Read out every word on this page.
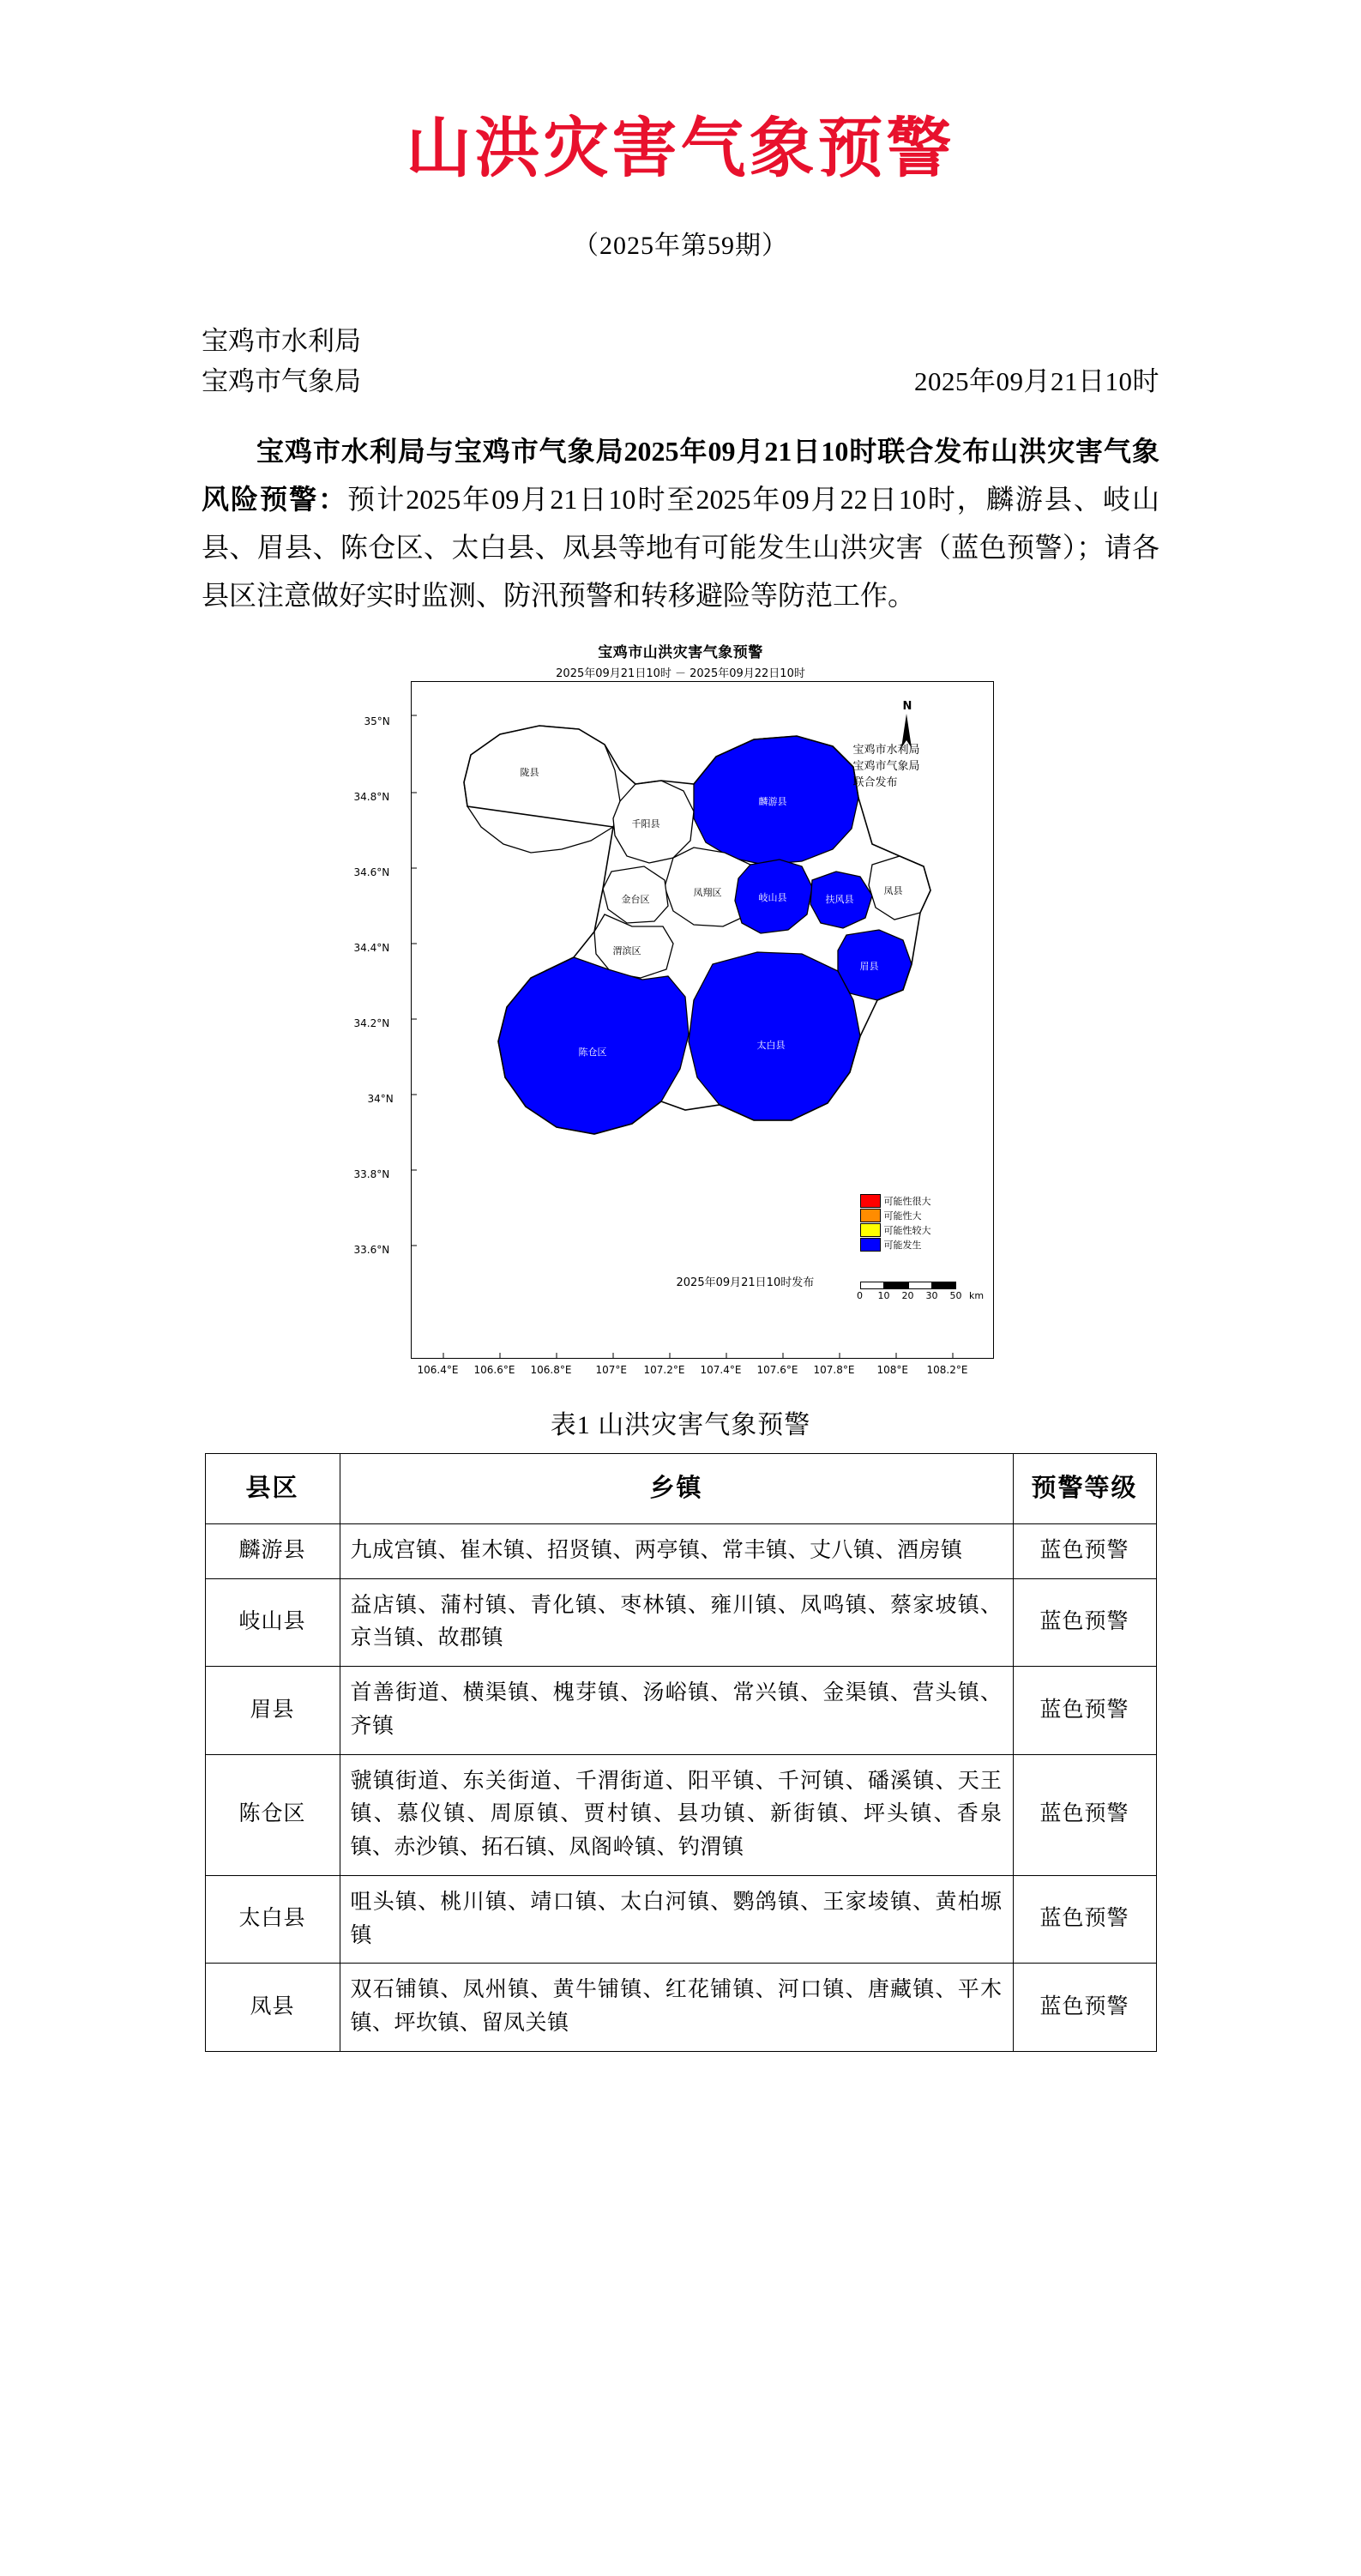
山洪灾害气象预警
（2025年第59期）
宝鸡市水利局
宝鸡市气象局	2025年09月21日10时
宝鸡市水利局与宝鸡市气象局2025年09月21日10时联合发布山洪灾害气象风险预警：预计2025年09月21日10时至2025年09月22日10时，麟游县、岐山县、眉县、陈仓区、太白县、凤县等地有可能发生山洪灾害（蓝色预警）；请各县区注意做好实时监测、防汛预警和转移避险等防范工作。
宝鸡市山洪灾害气象预警
2025年09月21日10时 － 2025年09月22日10时
陇县
千阳县
麟游县
凤翔区
金台区
渭滨区
岐山县	扶风县
凤县
眉县
太白县
陈仓区
N
宝鸡市水利局
宝鸡市气象局
联合发布
可能性很大
可能性大
可能性较大
可能发生
2025年09月21日10时发布
0 10 20 30 50 km
35°N
34.8°N
34.6°N
34.4°N
34.2°N
34°N
33.8°N
33.6°N
106.4°E 106.6°E 106.8°E 107°E 107.2°E 107.4°E 107.6°E 107.8°E 108°E 108.2°E
表1 山洪灾害气象预警
县区	乡镇	预警等级
麟游县	九成宫镇、崔木镇、招贤镇、两亭镇、常丰镇、丈八镇、酒房镇	蓝色预警
岐山县	益店镇、蒲村镇、青化镇、枣林镇、雍川镇、凤鸣镇、蔡家坡镇、京当镇、故郡镇	蓝色预警
眉县	首善街道、横渠镇、槐芽镇、汤峪镇、常兴镇、金渠镇、营头镇、齐镇	蓝色预警
陈仓区	虢镇街道、东关街道、千渭街道、阳平镇、千河镇、磻溪镇、天王镇、慕仪镇、周原镇、贾村镇、县功镇、新街镇、坪头镇、香泉镇、赤沙镇、拓石镇、凤阁岭镇、钓渭镇	蓝色预警
太白县	咀头镇、桃川镇、靖口镇、太白河镇、鹦鸽镇、王家堎镇、黄柏塬镇	蓝色预警
凤县	双石铺镇、凤州镇、黄牛铺镇、红花铺镇、河口镇、唐藏镇、平木镇、坪坎镇、留凤关镇	蓝色预警
